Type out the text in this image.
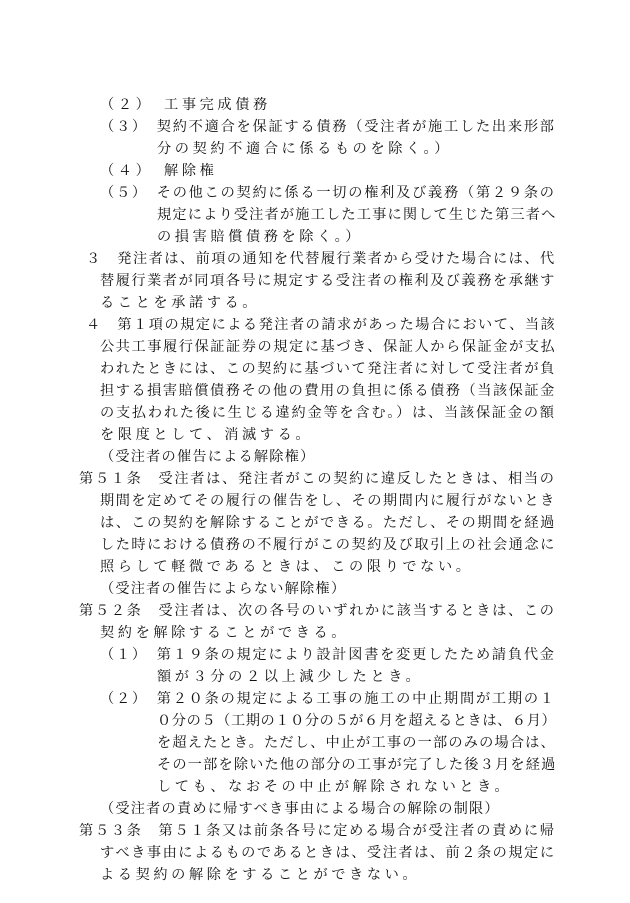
（２）　工事完成債務
（３）　契約不適合を保証する債務（受注者が施工した出来形部
分の契約不適合に係るものを除く。）
（４）　解除権
（５）　その他この契約に係る一切の権利及び義務（第２９条の
規定により受注者が施工した工事に関して生じた第三者へ
の損害賠償債務を除く。）
３　発注者は、前項の通知を代替履行業者から受けた場合には、代
替履行業者が同項各号に規定する受注者の権利及び義務を承継す
ることを承諾する。
４　第１項の規定による発注者の請求があった場合において、当該
公共工事履行保証証券の規定に基づき、保証人から保証金が支払
われたときには、この契約に基づいて発注者に対して受注者が負
担する損害賠償債務その他の費用の負担に係る債務（当該保証金
の支払われた後に生じる違約金等を含む。）は、当該保証金の額
を限度として、消滅する。
（受注者の催告による解除権）
第５１条　受注者は、発注者がこの契約に違反したときは、相当の
期間を定めてその履行の催告をし、その期間内に履行がないとき
は、この契約を解除することができる。ただし、その期間を経過
した時における債務の不履行がこの契約及び取引上の社会通念に
照らして軽微であるときは、この限りでない。
（受注者の催告によらない解除権）
第５２条　受注者は、次の各号のいずれかに該当するときは、この
契約を解除することができる。
（１）　第１９条の規定により設計図書を変更したため請負代金
額が３分の２以上減少したとき。
（２）　第２０条の規定による工事の施工の中止期間が工期の１
０分の５（工期の１０分の５が６月を超えるときは、６月）
を超えたとき。ただし、中止が工事の一部のみの場合は、
その一部を除いた他の部分の工事が完了した後３月を経過
しても、なおその中止が解除されないとき。
（受注者の責めに帰すべき事由による場合の解除の制限）
第５３条　第５１条又は前条各号に定める場合が受注者の責めに帰
すべき事由によるものであるときは、受注者は、前２条の規定に
よる契約の解除をすることができない。
